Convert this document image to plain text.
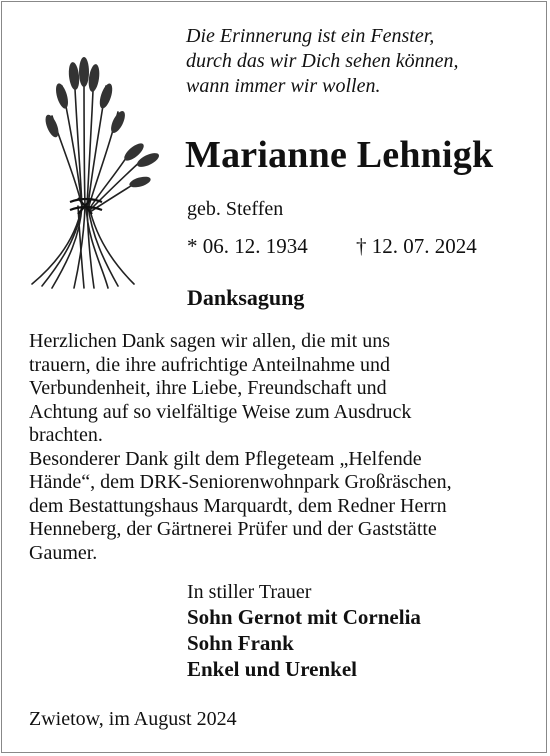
Die Erinnerung ist ein Fenster,
durch das wir Dich sehen können,
wann immer wir wollen.
Marianne Lehnigk
geb. Steffen
* 06. 12. 1934 † 12. 07. 2024
Danksagung
Herzlichen Dank sagen wir allen, die mit uns
trauern, die ihre aufrichtige Anteilnahme und
Verbundenheit, ihre Liebe, Freundschaft und
Achtung auf so vielfältige Weise zum Ausdruck
brachten.
Besonderer Dank gilt dem Pflegeteam „Helfende
Hände“, dem DRK-Seniorenwohnpark Großräschen,
dem Bestattungshaus Marquardt, dem Redner Herrn
Henneberg, der Gärtnerei Prüfer und der Gaststätte
Gaumer.
In stiller Trauer
Sohn Gernot mit Cornelia
Sohn Frank
Enkel und Urenkel
Zwietow, im August 2024
